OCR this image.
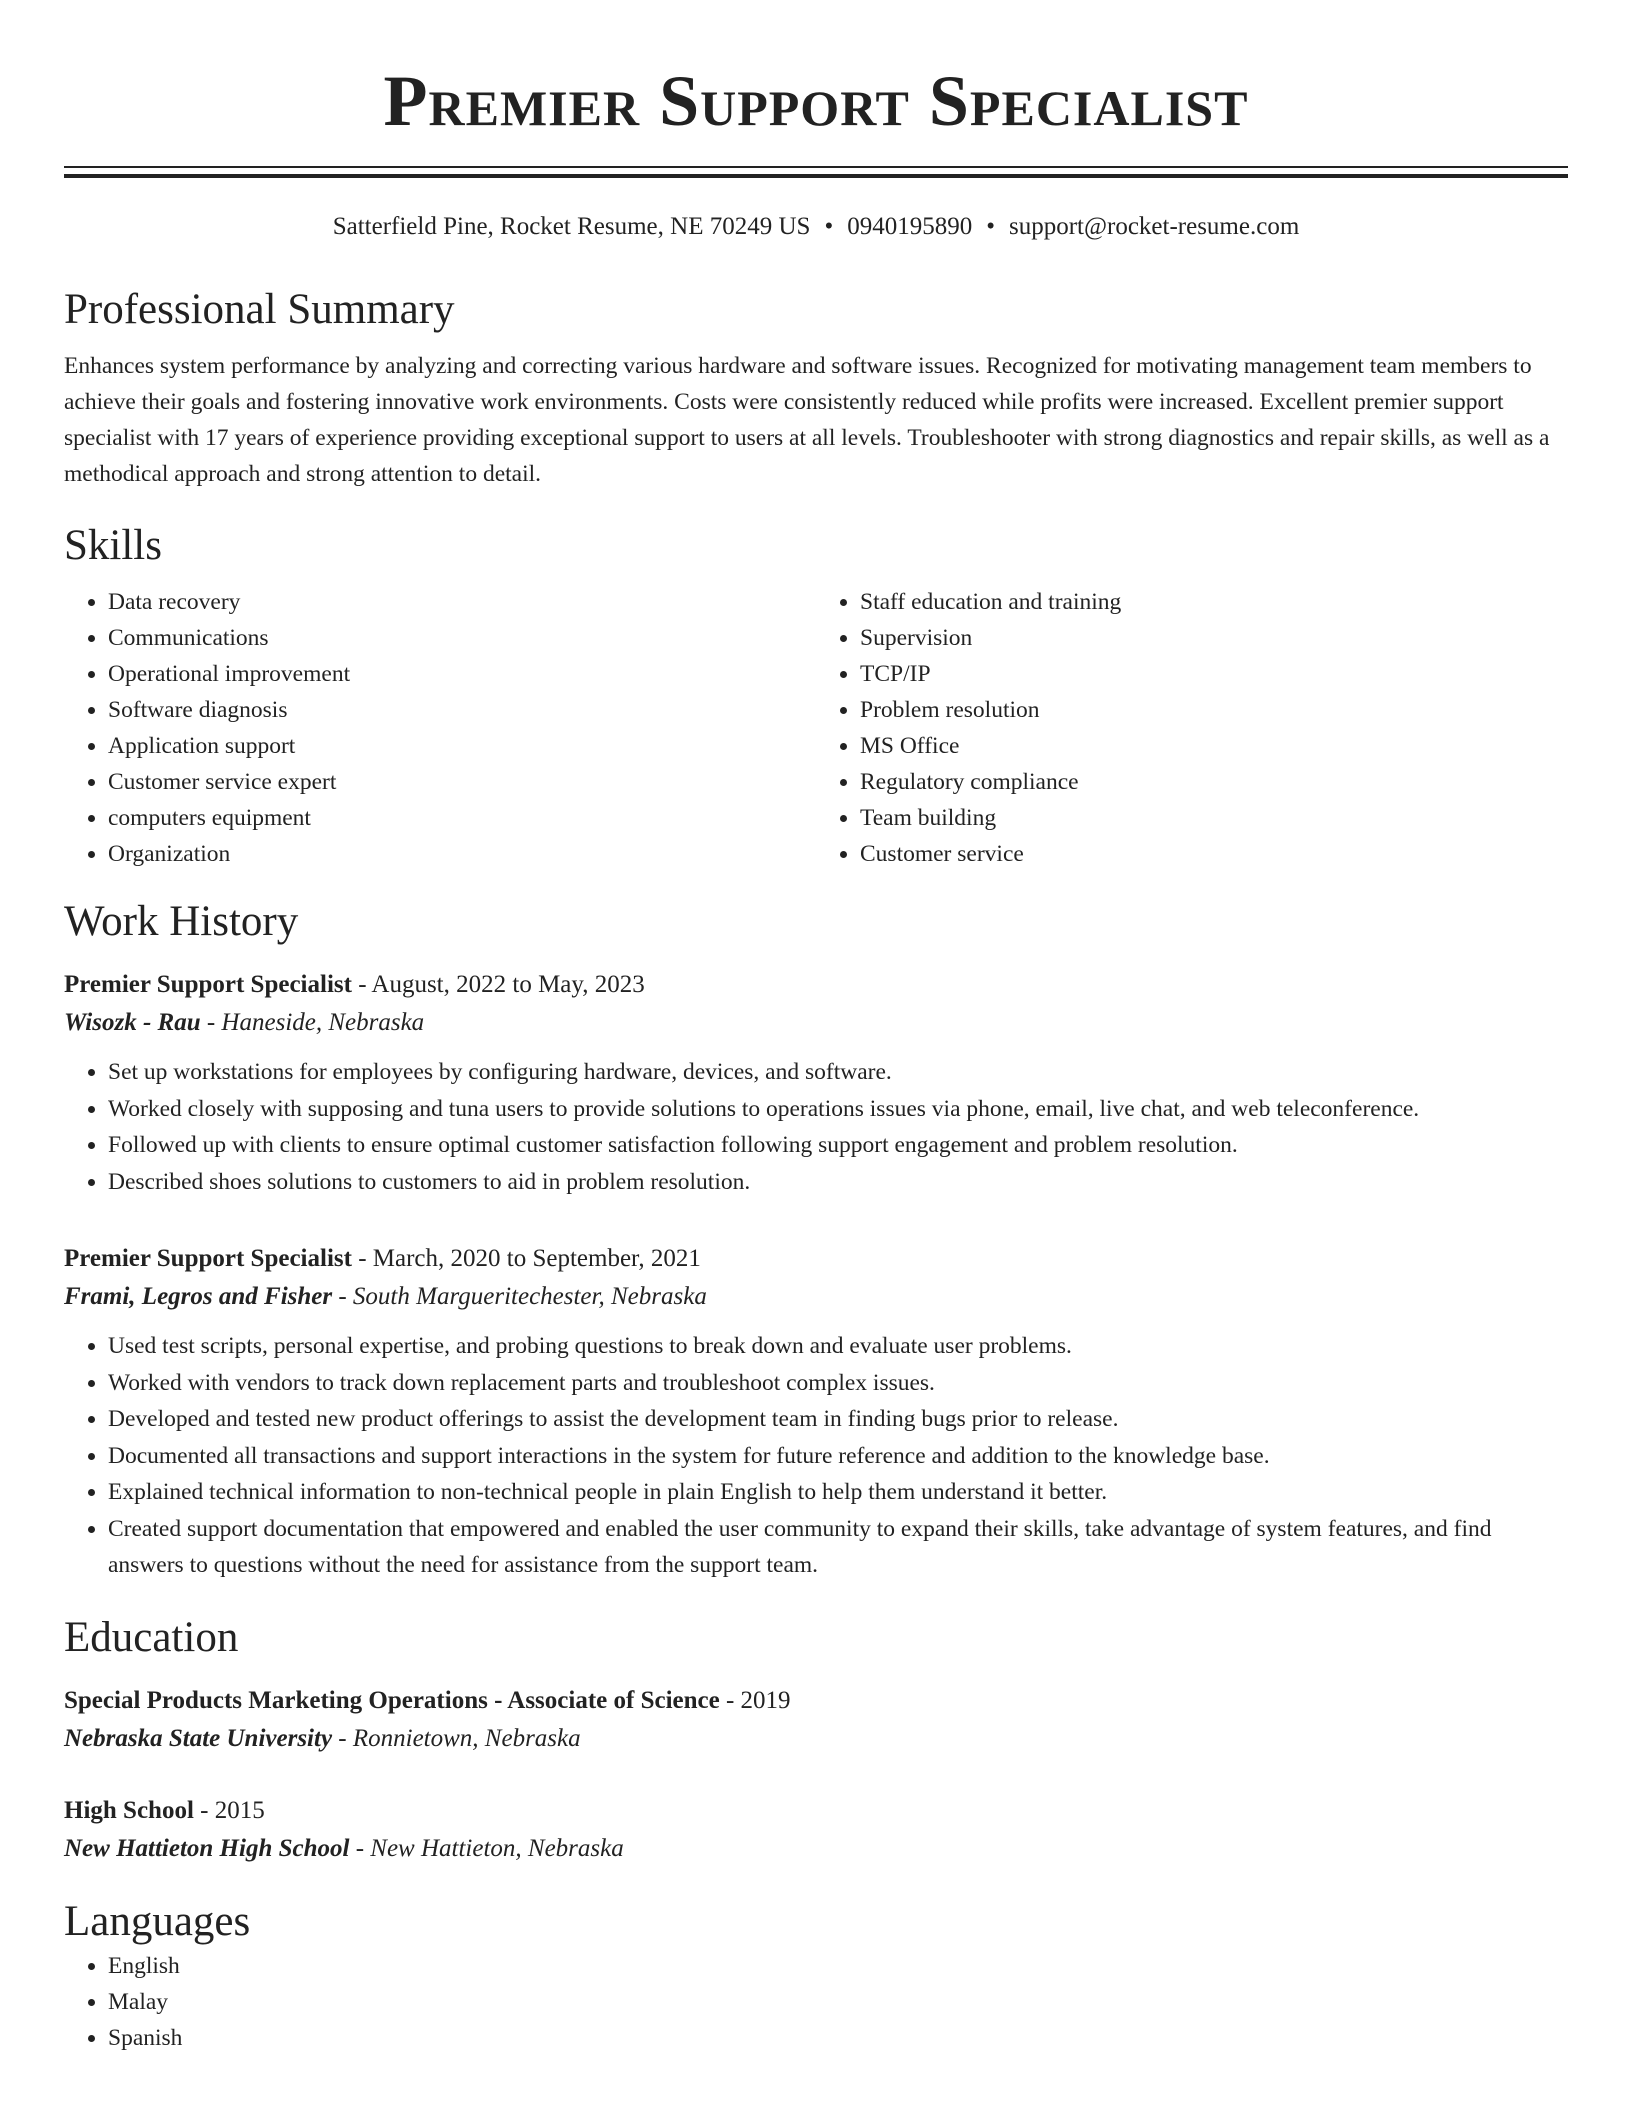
Premier Support Specialist
Satterfield Pine, Rocket Resume, NE 70249 US • 0940195890 • support@rocket-resume.com
Professional Summary
Enhances system performance by analyzing and correcting various hardware and software issues. Recognized for motivating management team members to achieve their goals and fostering innovative work environments. Costs were consistently reduced while profits were increased. Excellent premier support specialist with 17 years of experience providing exceptional support to users at all levels. Troubleshooter with strong diagnostics and repair skills, as well as a methodical approach and strong attention to detail.
Skills
• Data recovery
• Communications
• Operational improvement
• Software diagnosis
• Application support
• Customer service expert
• computers equipment
• Organization
• Staff education and training
• Supervision
• TCP/IP
• Problem resolution
• MS Office
• Regulatory compliance
• Team building
• Customer service
Work History
Premier Support Specialist - August, 2022 to May, 2023
Wisozk - Rau - Haneside, Nebraska
• Set up workstations for employees by configuring hardware, devices, and software.
• Worked closely with supposing and tuna users to provide solutions to operations issues via phone, email, live chat, and web teleconference.
• Followed up with clients to ensure optimal customer satisfaction following support engagement and problem resolution.
• Described shoes solutions to customers to aid in problem resolution.
Premier Support Specialist - March, 2020 to September, 2021
Frami, Legros and Fisher - South Margueritechester, Nebraska
• Used test scripts, personal expertise, and probing questions to break down and evaluate user problems.
• Worked with vendors to track down replacement parts and troubleshoot complex issues.
• Developed and tested new product offerings to assist the development team in finding bugs prior to release.
• Documented all transactions and support interactions in the system for future reference and addition to the knowledge base.
• Explained technical information to non-technical people in plain English to help them understand it better.
• Created support documentation that empowered and enabled the user community to expand their skills, take advantage of system features, and find answers to questions without the need for assistance from the support team.
Education
Special Products Marketing Operations - Associate of Science - 2019
Nebraska State University - Ronnietown, Nebraska
High School - 2015
New Hattieton High School - New Hattieton, Nebraska
Languages
• English
• Malay
• Spanish
